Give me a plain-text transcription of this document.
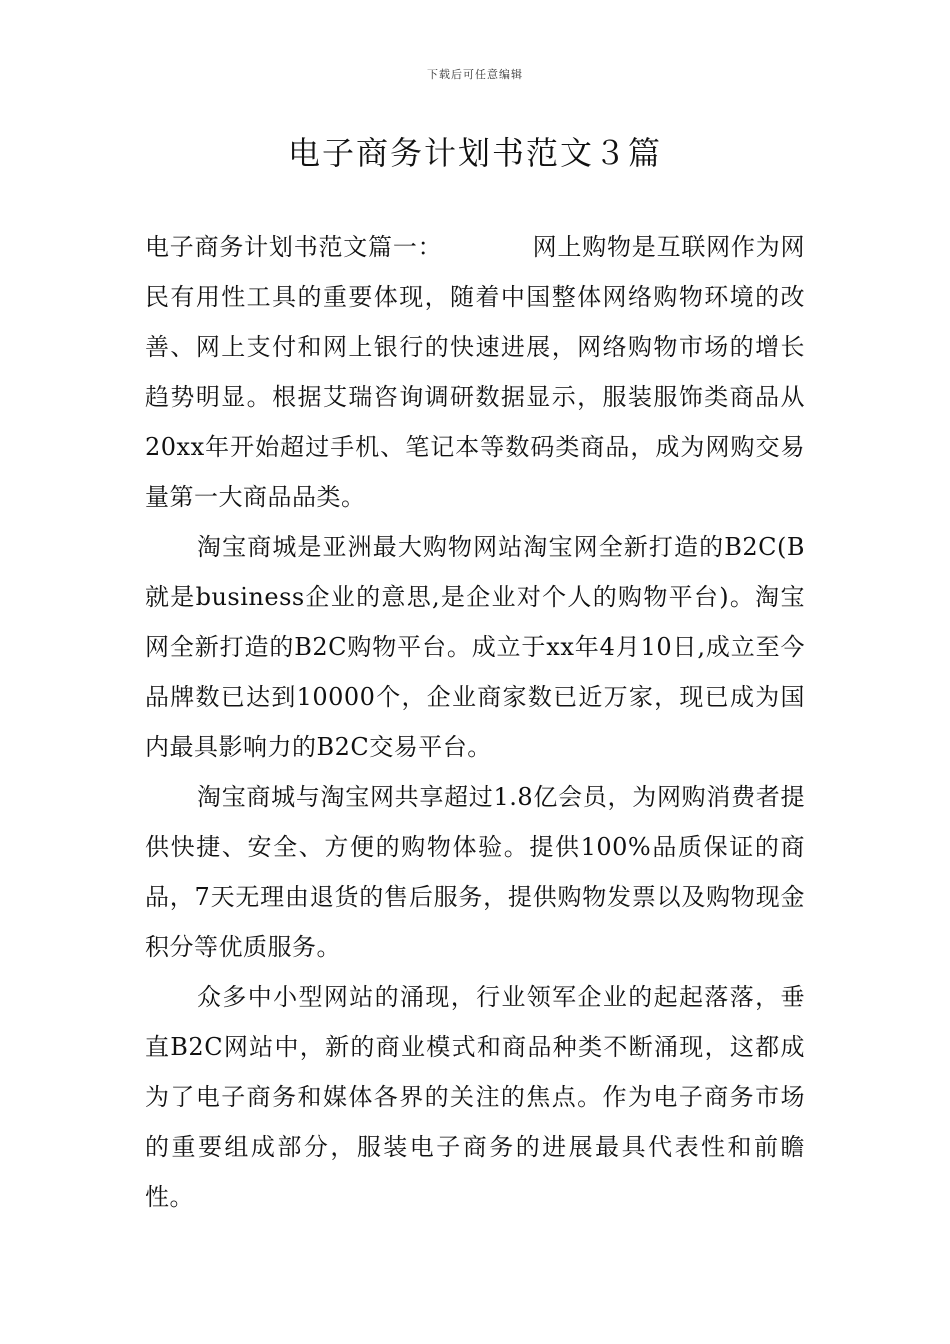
下载后可任意编辑
电子商务计划书范文３篇

电子商务计划书范文篇一：	网上购物是互联网作为网民有用性工具的重要体现，随着中国整体网络购物环境的改善、网上支付和网上银行的快速进展，网络购物市场的增长趋势明显。根据艾瑞咨询调研数据显示，服装服饰类商品从20xx年开始超过手机、笔记本等数码类商品，成为网购交易量第一大商品品类。

淘宝商城是亚洲最大购物网站淘宝网全新打造的B2C(B就是business企业的意思,是企业对个人的购物平台)。淘宝网全新打造的B2C购物平台。成立于xx年4月10日,成立至今品牌数已达到10000个，企业商家数已近万家，现已成为国内最具影响力的B2C交易平台。

淘宝商城与淘宝网共享超过1.8亿会员，为网购消费者提供快捷、安全、方便的购物体验。提供100%品质保证的商品，7天无理由退货的售后服务，提供购物发票以及购物现金积分等优质服务。

众多中小型网站的涌现，行业领军企业的起起落落，垂直B2C网站中，新的商业模式和商品种类不断涌现，这都成为了电子商务和媒体各界的关注的焦点。作为电子商务市场的重要组成部分，服装电子商务的进展最具代表性和前瞻性。
